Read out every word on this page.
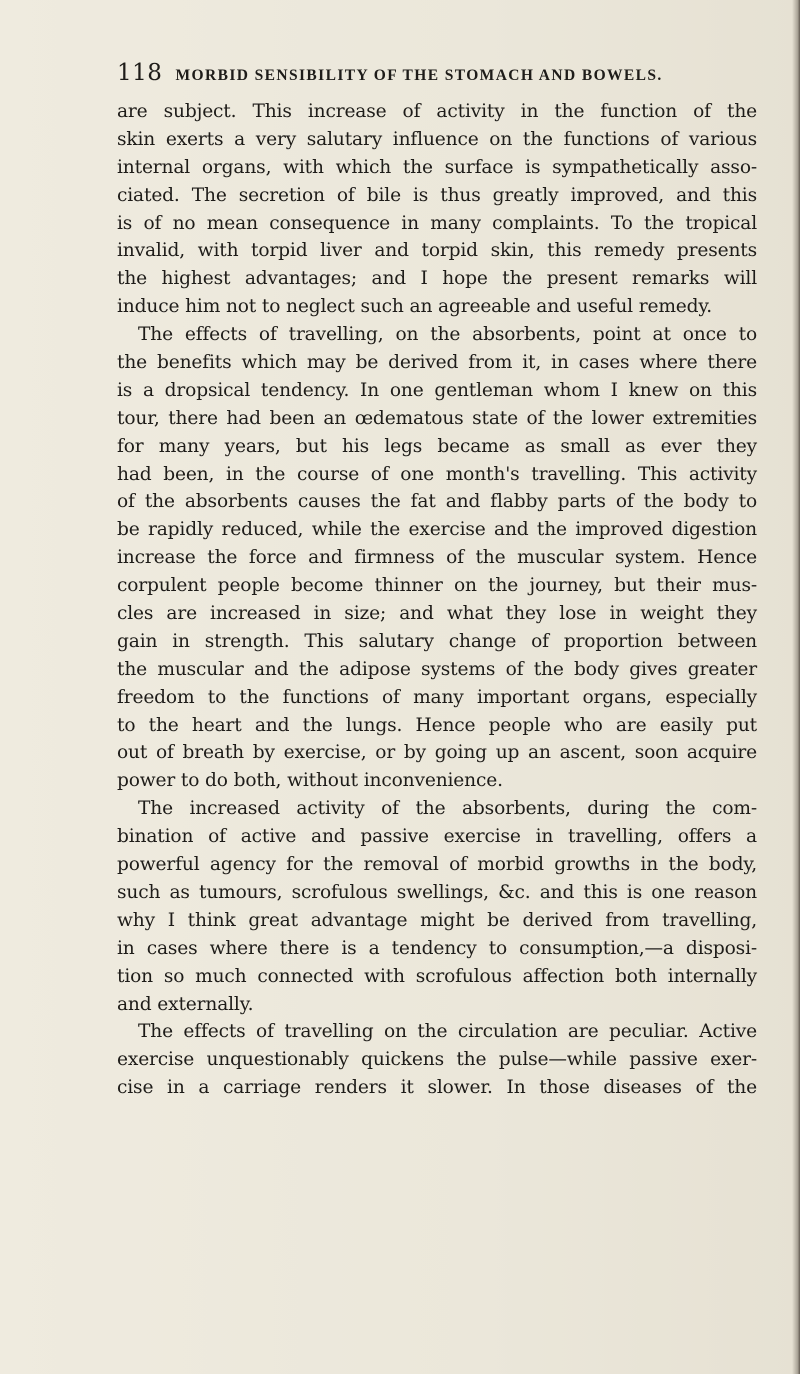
118 MORBID SENSIBILITY OF THE STOMACH AND BOWELS.
are subject. This increase of activity in the function of the
skin exerts a very salutary influence on the functions of various
internal organs, with which the surface is sympathetically asso-
ciated. The secretion of bile is thus greatly improved, and this
is of no mean consequence in many complaints. To the tropical
invalid, with torpid liver and torpid skin, this remedy presents
the highest advantages; and I hope the present remarks will
induce him not to neglect such an agreeable and useful remedy.
The effects of travelling, on the absorbents, point at once to
the benefits which may be derived from it, in cases where there
is a dropsical tendency. In one gentleman whom I knew on this
tour, there had been an œdematous state of the lower extremities
for many years, but his legs became as small as ever they
had been, in the course of one month's travelling. This activity
of the absorbents causes the fat and flabby parts of the body to
be rapidly reduced, while the exercise and the improved digestion
increase the force and firmness of the muscular system. Hence
corpulent people become thinner on the journey, but their mus-
cles are increased in size; and what they lose in weight they
gain in strength. This salutary change of proportion between
the muscular and the adipose systems of the body gives greater
freedom to the functions of many important organs, especially
to the heart and the lungs. Hence people who are easily put
out of breath by exercise, or by going up an ascent, soon acquire
power to do both, without inconvenience.
The increased activity of the absorbents, during the com-
bination of active and passive exercise in travelling, offers a
powerful agency for the removal of morbid growths in the body,
such as tumours, scrofulous swellings, &c. and this is one reason
why I think great advantage might be derived from travelling,
in cases where there is a tendency to consumption,—a disposi-
tion so much connected with scrofulous affection both internally
and externally.
The effects of travelling on the circulation are peculiar. Active
exercise unquestionably quickens the pulse—while passive exer-
cise in a carriage renders it slower. In those diseases of the
